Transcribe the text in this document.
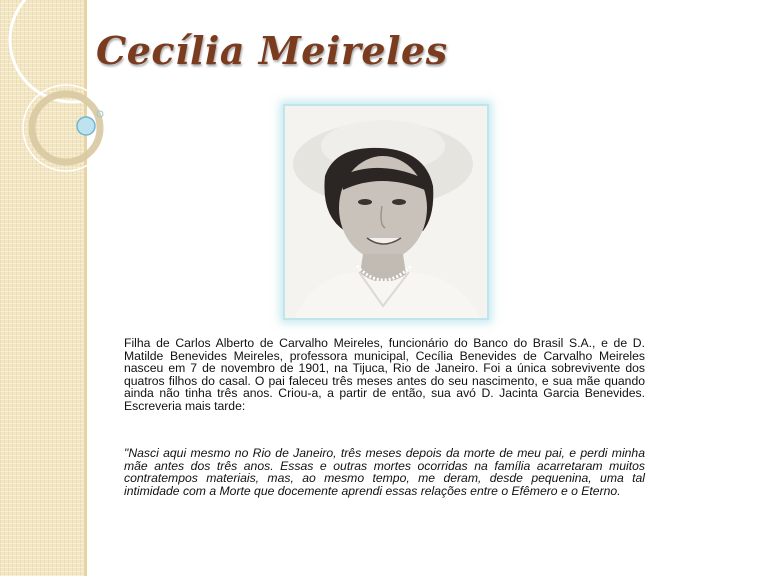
Cecília Meireles

Filha de Carlos Alberto de Carvalho Meireles, funcionário do Banco do Brasil S.A., e de D. Matilde Benevides Meireles, professora municipal, Cecília Benevides de Carvalho Meireles nasceu em 7 de novembro de 1901, na Tijuca, Rio de Janeiro. Foi a única sobrevivente dos quatros filhos do casal. O pai faleceu três meses antes do seu nascimento, e sua mãe quando ainda não tinha três anos. Criou-a, a partir de então, sua avó D. Jacinta Garcia Benevides. Escreveria mais tarde:

"Nasci aqui mesmo no Rio de Janeiro, três meses depois da morte de meu pai, e perdi minha mãe antes dos três anos. Essas e outras mortes ocorridas na família acarretaram muitos contratempos materiais, mas, ao mesmo tempo, me deram, desde pequenina, uma tal intimidade com a Morte que docemente aprendi essas relações entre o Efêmero e o Eterno.
